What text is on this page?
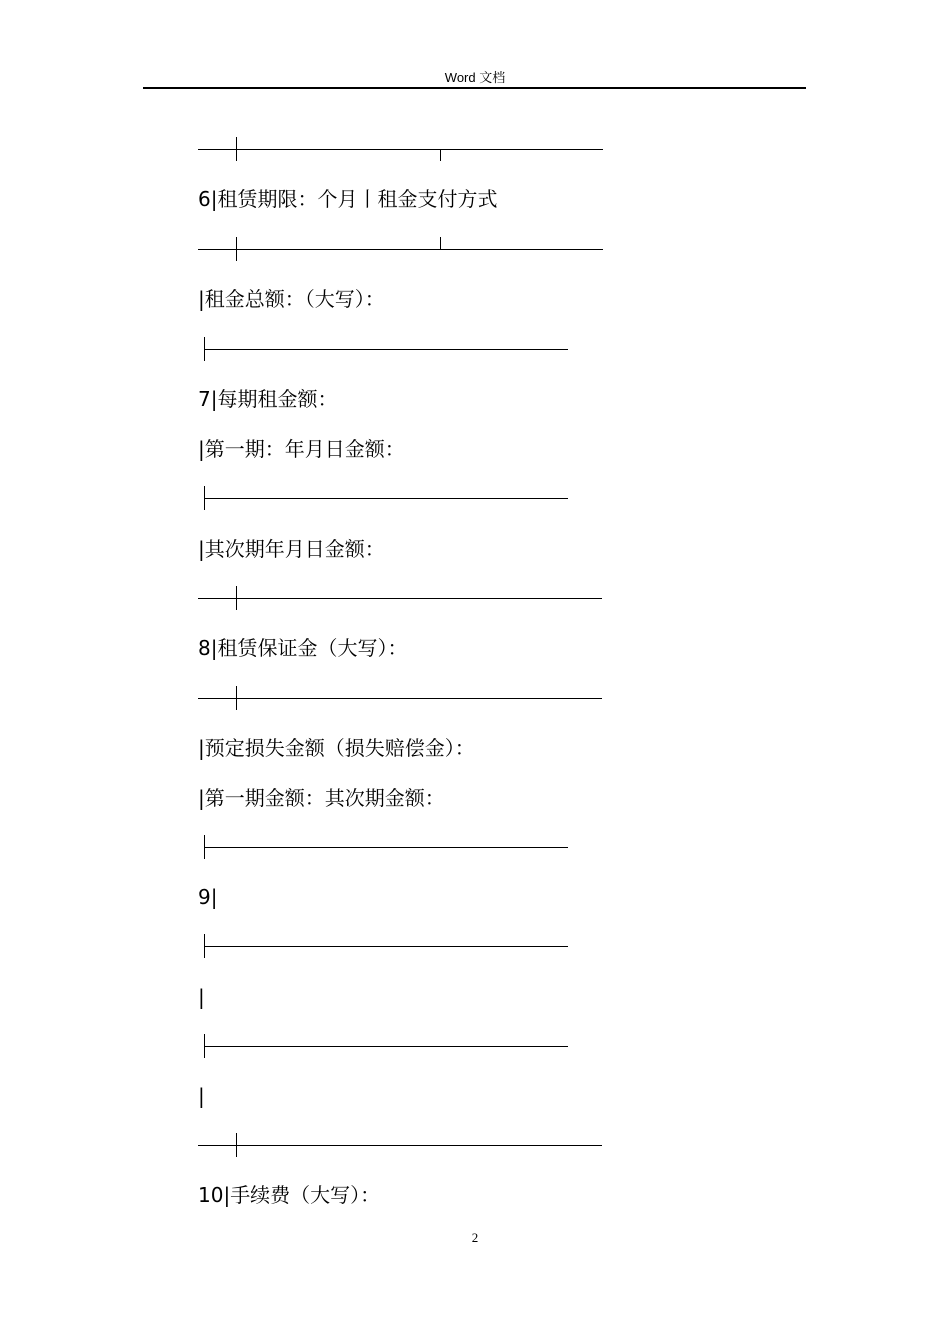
Word 文档
6|租赁期限：个月丨租金支付方式
|租金总额：（大写）：
7|每期租金额：
|第一期：年月日金额：
|其次期年月日金额：
8|租赁保证金（大写）：
|预定损失金额（损失赔偿金）：
|第一期金额：其次期金额：
9|
|
|
10|手续费（大写）：
2
